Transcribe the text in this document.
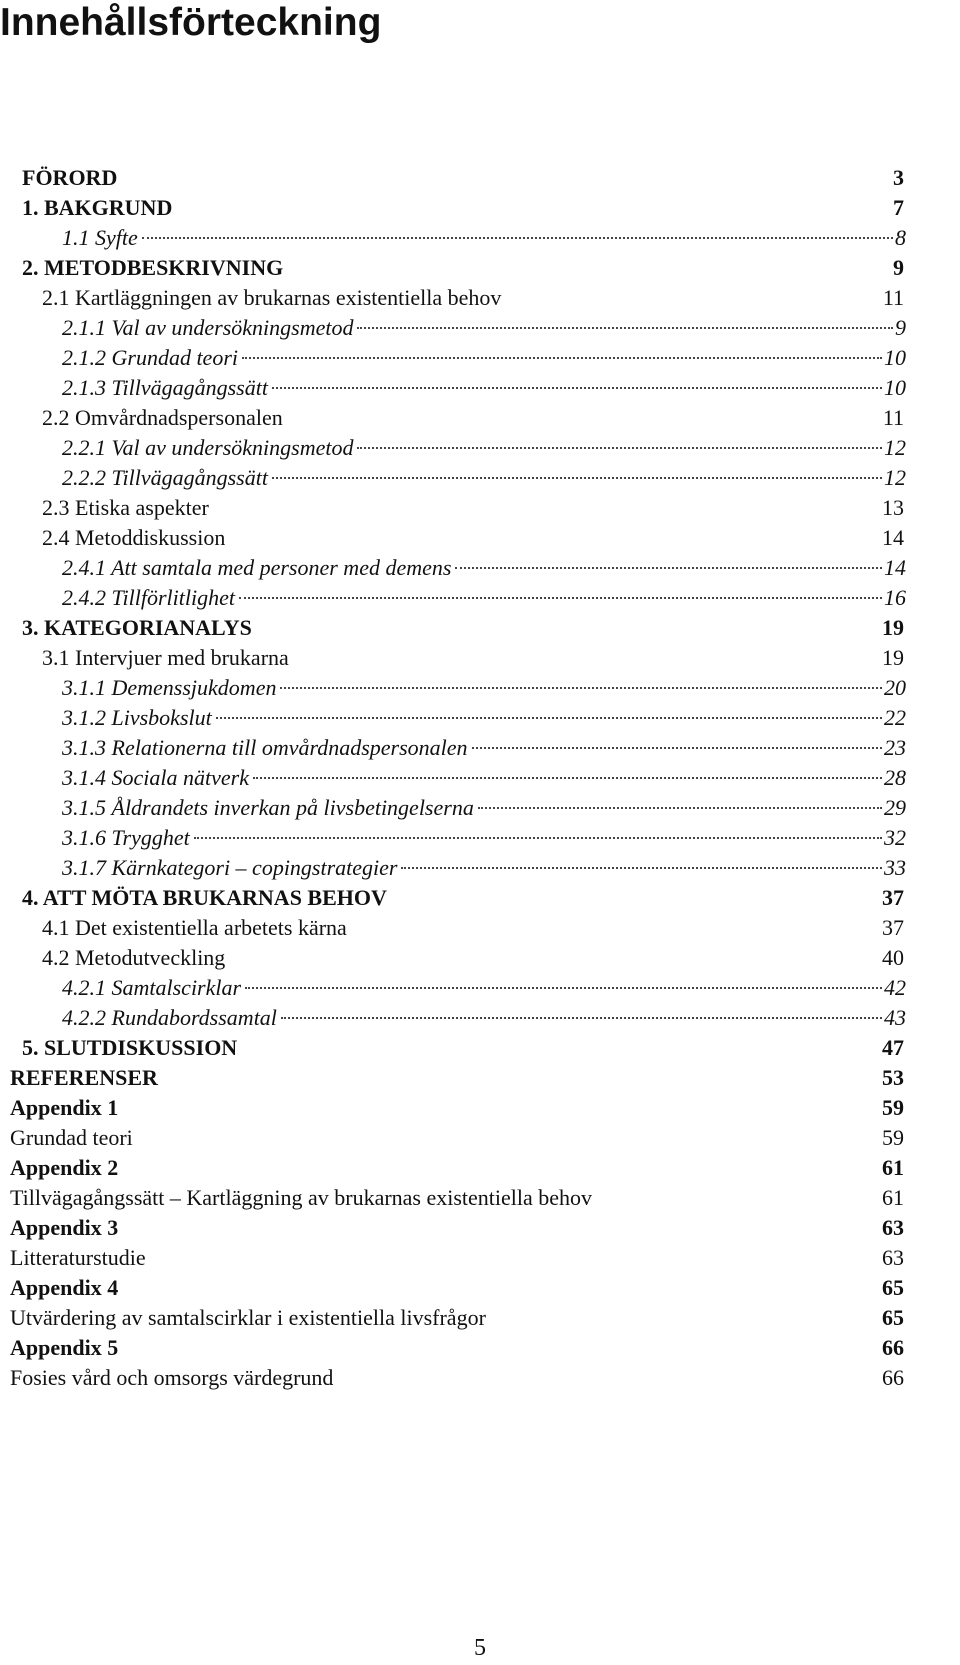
Innehållsförteckning
FÖRORD	3
1. BAKGRUND	7
1.1 Syfte	8
2. METODBESKRIVNING	9
2.1 Kartläggningen av brukarnas existentiella behov	11
2.1.1 Val av undersökningsmetod	9
2.1.2 Grundad teori	10
2.1.3 Tillvägagångssätt	10
2.2 Omvårdnadspersonalen	11
2.2.1 Val av undersökningsmetod	12
2.2.2 Tillvägagångssätt	12
2.3 Etiska aspekter	13
2.4 Metoddiskussion	14
2.4.1 Att samtala med personer med demens	14
2.4.2 Tillförlitlighet	16
3. KATEGORIANALYS	19
3.1 Intervjuer med brukarna	19
3.1.1 Demenssjukdomen	20
3.1.2 Livsbokslut	22
3.1.3 Relationerna till omvårdnadspersonalen	23
3.1.4 Sociala nätverk	28
3.1.5 Åldrandets inverkan på livsbetingelserna	29
3.1.6 Trygghet	32
3.1.7 Kärnkategori – copingstrategier	33
4. ATT MÖTA BRUKARNAS BEHOV	37
4.1 Det existentiella arbetets kärna	37
4.2 Metodutveckling	40
4.2.1 Samtalscirklar	42
4.2.2 Rundabordssamtal	43
5. SLUTDISKUSSION	47
REFERENSER	53
Appendix 1	59
Grundad teori	59
Appendix 2	61
Tillvägagångssätt – Kartläggning av brukarnas existentiella behov	61
Appendix 3	63
Litteraturstudie	63
Appendix 4	65
Utvärdering av samtalscirklar i existentiella livsfrågor	65
Appendix 5	66
Fosies vård och omsorgs värdegrund	66
5
